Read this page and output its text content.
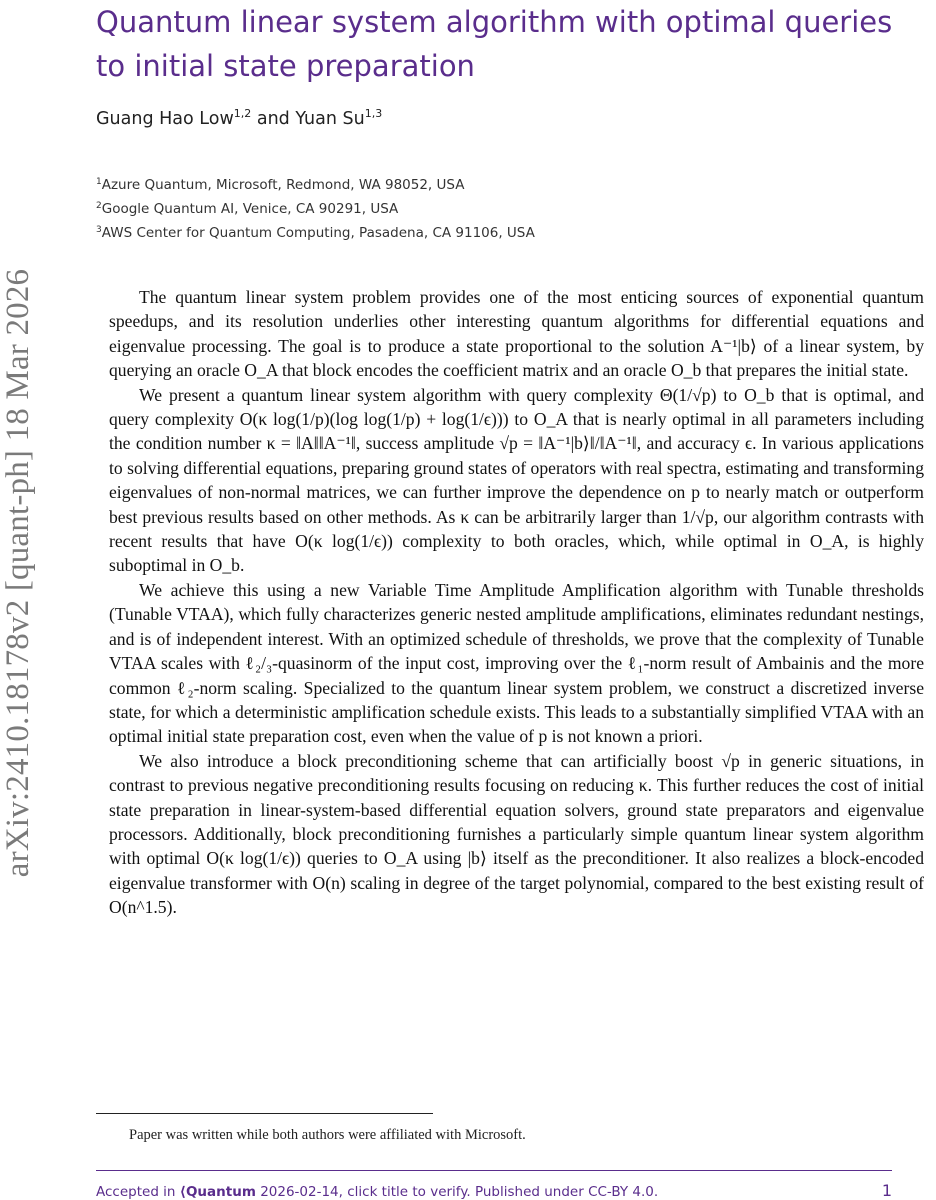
arXiv:2410.18178v2 [quant-ph] 18 Mar 2026
Quantum linear system algorithm with optimal queries to initial state preparation
Guang Hao Low$^{1,2}$ and Yuan Su$^{1,3}$
$^1$Azure Quantum, Microsoft, Redmond, WA 98052, USA
$^2$Google Quantum AI, Venice, CA 90291, USA
$^3$AWS Center for Quantum Computing, Pasadena, CA 91106, USA

The quantum linear system problem provides one of the most enticing sources of exponential quantum speedups, and its resolution underlies other interesting quantum algorithms for differential equations and eigenvalue processing. The goal is to produce a state proportional to the solution A⁻¹|b⟩ of a linear system, by querying an oracle O_A that block encodes the coefficient matrix and an oracle O_b that prepares the initial state.

We present a quantum linear system algorithm with query complexity Θ(1/√p) to O_b that is optimal, and query complexity O(κ log(1/p)(log log(1/p) + log(1/ϵ))) to O_A that is nearly optimal in all parameters including the condition number κ = ‖A‖‖A⁻¹‖, success amplitude √p = ‖A⁻¹|b⟩‖/‖A⁻¹‖, and accuracy ϵ. In various applications to solving differential equations, preparing ground states of operators with real spectra, estimating and transforming eigenvalues of non-normal matrices, we can further improve the dependence on p to nearly match or outperform best previous results based on other methods. As κ can be arbitrarily larger than 1/√p, our algorithm contrasts with recent results that have O(κ log(1/ϵ)) complexity to both oracles, which, while optimal in O_A, is highly suboptimal in O_b.

We achieve this using a new Variable Time Amplitude Amplification algorithm with Tunable thresholds (Tunable VTAA), which fully characterizes generic nested amplitude amplifications, eliminates redundant nestings, and is of independent interest. With an optimized schedule of thresholds, we prove that the complexity of Tunable VTAA scales with ℓ₂/₃-quasinorm of the input cost, improving over the ℓ₁-norm result of Ambainis and the more common ℓ₂-norm scaling. Specialized to the quantum linear system problem, we construct a discretized inverse state, for which a deterministic amplification schedule exists. This leads to a substantially simplified VTAA with an optimal initial state preparation cost, even when the value of p is not known a priori.

We also introduce a block preconditioning scheme that can artificially boost √p in generic situations, in contrast to previous negative preconditioning results focusing on reducing κ. This further reduces the cost of initial state preparation in linear-system-based differential equation solvers, ground state preparators and eigenvalue processors. Additionally, block preconditioning furnishes a particularly simple quantum linear system algorithm with optimal O(κ log(1/ϵ)) queries to O_A using |b⟩ itself as the preconditioner. It also realizes a block-encoded eigenvalue transformer with O(n) scaling in degree of the target polynomial, compared to the best existing result of O(n^1.5).

Paper was written while both authors were affiliated with Microsoft.
Accepted in ⟨Quantum 2026-02-14, click title to verify. Published under CC-BY 4.0.	1
